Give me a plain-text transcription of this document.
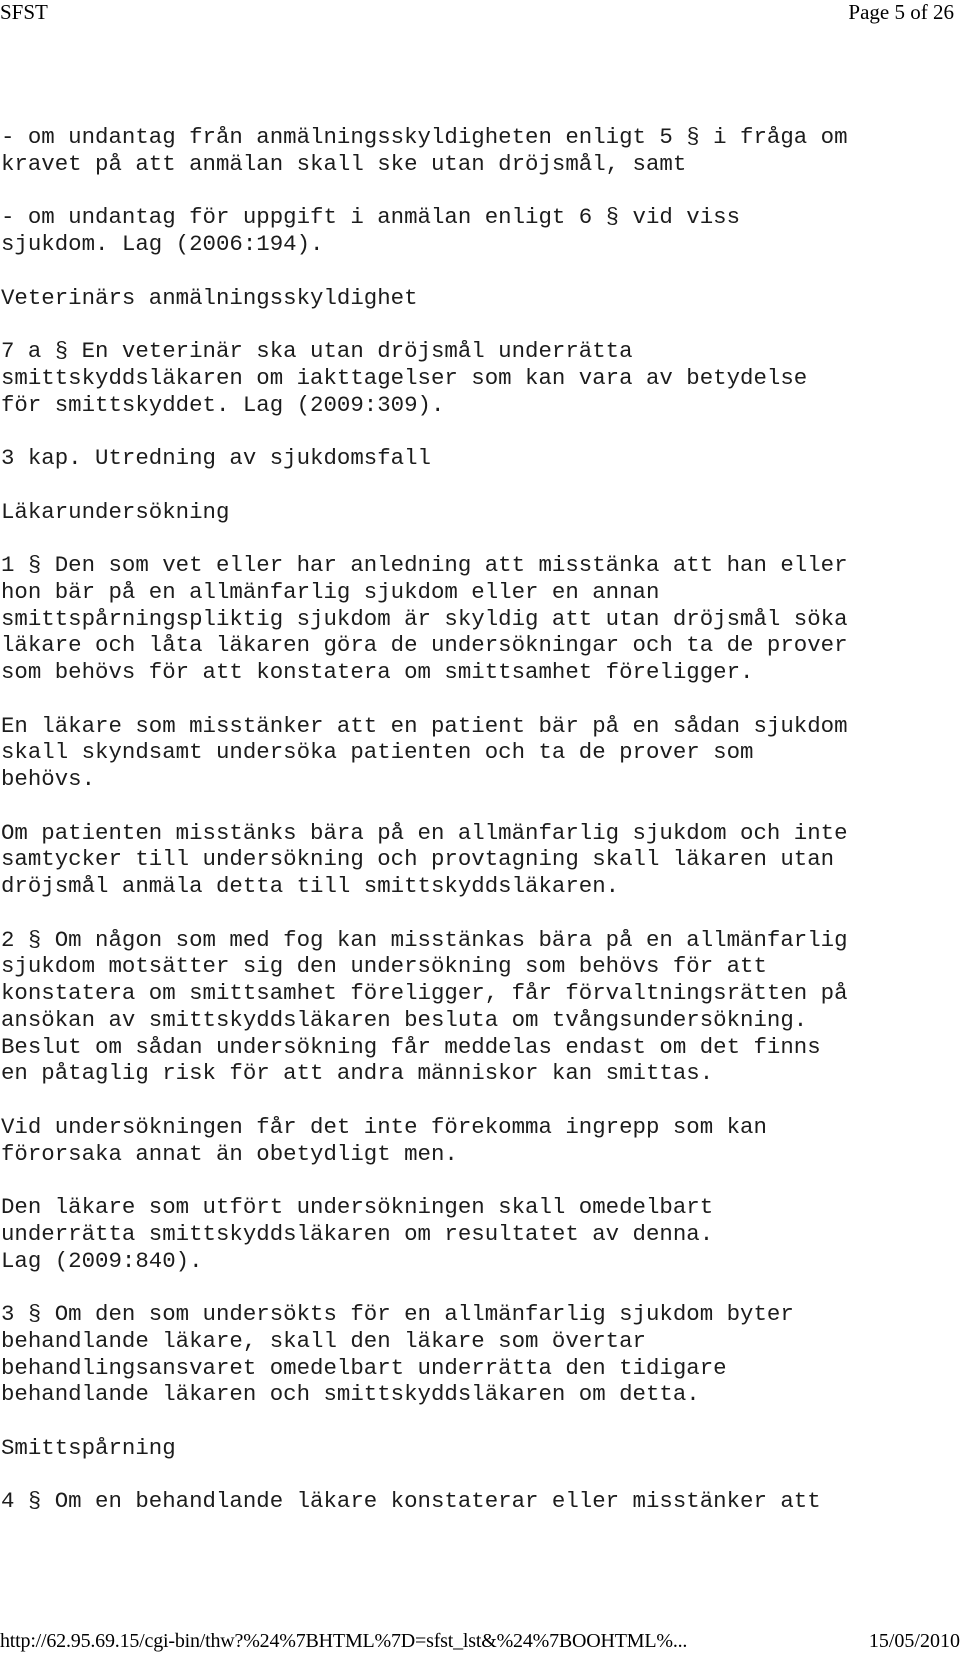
SFST	Page 5 of 26
- om undantag från anmälningsskyldigheten enligt 5 § i fråga om
kravet på att anmälan skall ske utan dröjsmål, samt
- om undantag för uppgift i anmälan enligt 6 § vid viss
sjukdom. Lag (2006:194).
Veterinärs anmälningsskyldighet
7 a § En veterinär ska utan dröjsmål underrätta
smittskyddsläkaren om iakttagelser som kan vara av betydelse
för smittskyddet. Lag (2009:309).
3 kap. Utredning av sjukdomsfall
Läkarundersökning
1 § Den som vet eller har anledning att misstänka att han eller
hon bär på en allmänfarlig sjukdom eller en annan
smittspårningspliktig sjukdom är skyldig att utan dröjsmål söka
läkare och låta läkaren göra de undersökningar och ta de prover
som behövs för att konstatera om smittsamhet föreligger.
En läkare som misstänker att en patient bär på en sådan sjukdom
skall skyndsamt undersöka patienten och ta de prover som
behövs.
Om patienten misstänks bära på en allmänfarlig sjukdom och inte
samtycker till undersökning och provtagning skall läkaren utan
dröjsmål anmäla detta till smittskyddsläkaren.
2 § Om någon som med fog kan misstänkas bära på en allmänfarlig
sjukdom motsätter sig den undersökning som behövs för att
konstatera om smittsamhet föreligger, får förvaltningsrätten på
ansökan av smittskyddsläkaren besluta om tvångsundersökning.
Beslut om sådan undersökning får meddelas endast om det finns
en påtaglig risk för att andra människor kan smittas.
Vid undersökningen får det inte förekomma ingrepp som kan
förorsaka annat än obetydligt men.
Den läkare som utfört undersökningen skall omedelbart
underrätta smittskyddsläkaren om resultatet av denna.
Lag (2009:840).
3 § Om den som undersökts för en allmänfarlig sjukdom byter
behandlande läkare, skall den läkare som övertar
behandlingsansvaret omedelbart underrätta den tidigare
behandlande läkaren och smittskyddsläkaren om detta.
Smittspårning
4 § Om en behandlande läkare konstaterar eller misstänker att
http://62.95.69.15/cgi-bin/thw?%24%7BHTML%7D=sfst_lst&%24%7BOOHTML%...	15/05/2010
